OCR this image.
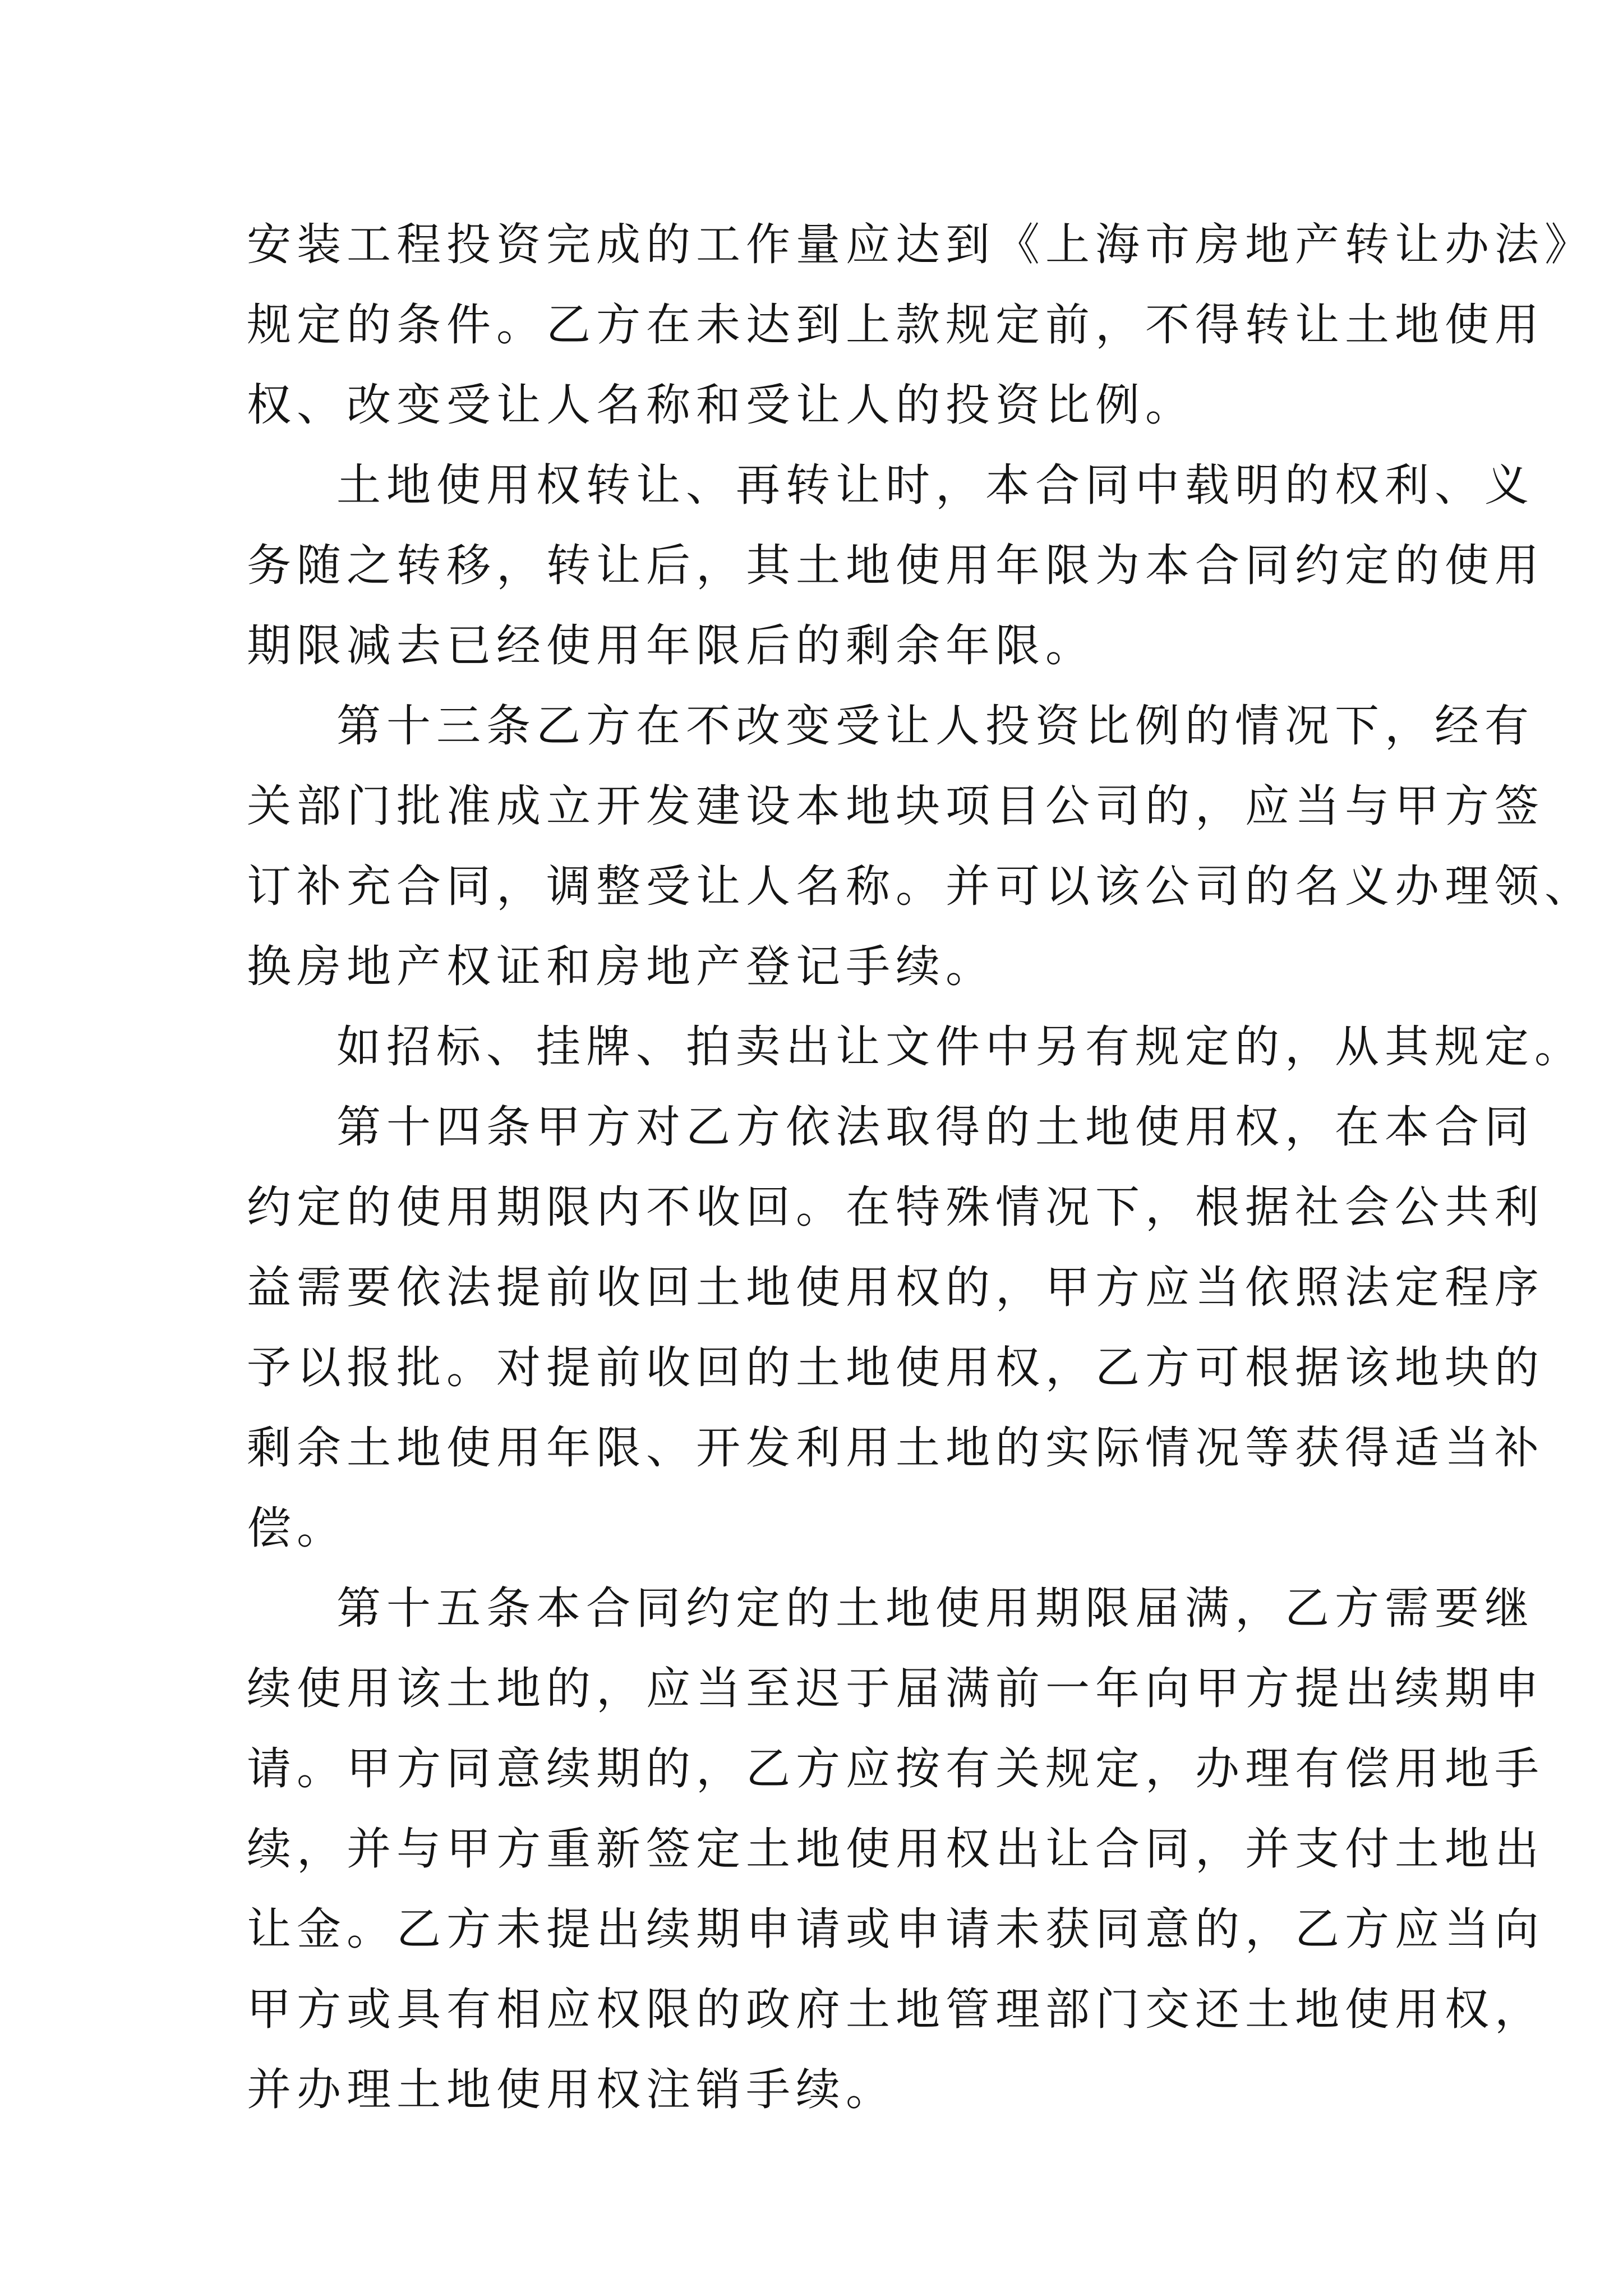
安装工程投资完成的工作量应达到《上海市房地产转让办法》
规定的条件。乙方在未达到上款规定前，不得转让土地使用
权、改变受让人名称和受让人的投资比例。
土地使用权转让、再转让时，本合同中载明的权利、义
务随之转移，转让后，其土地使用年限为本合同约定的使用
期限减去已经使用年限后的剩余年限。
第十三条乙方在不改变受让人投资比例的情况下，经有
关部门批准成立开发建设本地块项目公司的，应当与甲方签
订补充合同，调整受让人名称。并可以该公司的名义办理领、
换房地产权证和房地产登记手续。
如招标、挂牌、拍卖出让文件中另有规定的，从其规定。
第十四条甲方对乙方依法取得的土地使用权，在本合同
约定的使用期限内不收回。在特殊情况下，根据社会公共利
益需要依法提前收回土地使用权的，甲方应当依照法定程序
予以报批。对提前收回的土地使用权，乙方可根据该地块的
剩余土地使用年限、开发利用土地的实际情况等获得适当补
偿。
第十五条本合同约定的土地使用期限届满，乙方需要继
续使用该土地的，应当至迟于届满前一年向甲方提出续期申
请。甲方同意续期的，乙方应按有关规定，办理有偿用地手
续，并与甲方重新签定土地使用权出让合同，并支付土地出
让金。乙方未提出续期申请或申请未获同意的，乙方应当向
甲方或具有相应权限的政府土地管理部门交还土地使用权，
并办理土地使用权注销手续。
